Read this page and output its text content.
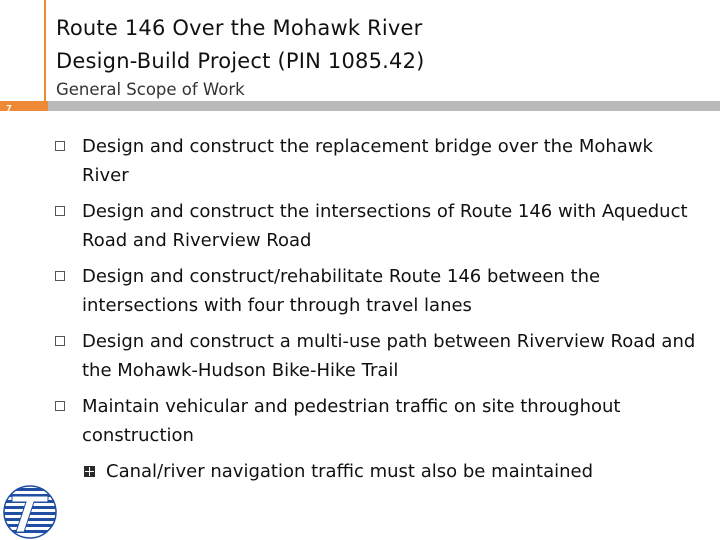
Route 146 Over the Mohawk River
Design-Build Project (PIN 1085.42)
General Scope of Work
7
Design and construct the replacement bridge over the Mohawk River
Design and construct the intersections of Route 146 with Aqueduct Road and Riverview Road
Design and construct/rehabilitate Route 146 between the intersections with four through travel lanes
Design and construct a multi-use path between Riverview Road and the Mohawk-Hudson Bike-Hike Trail
Maintain vehicular and pedestrian traffic on site throughout construction
Canal/river navigation traffic must also be maintained
